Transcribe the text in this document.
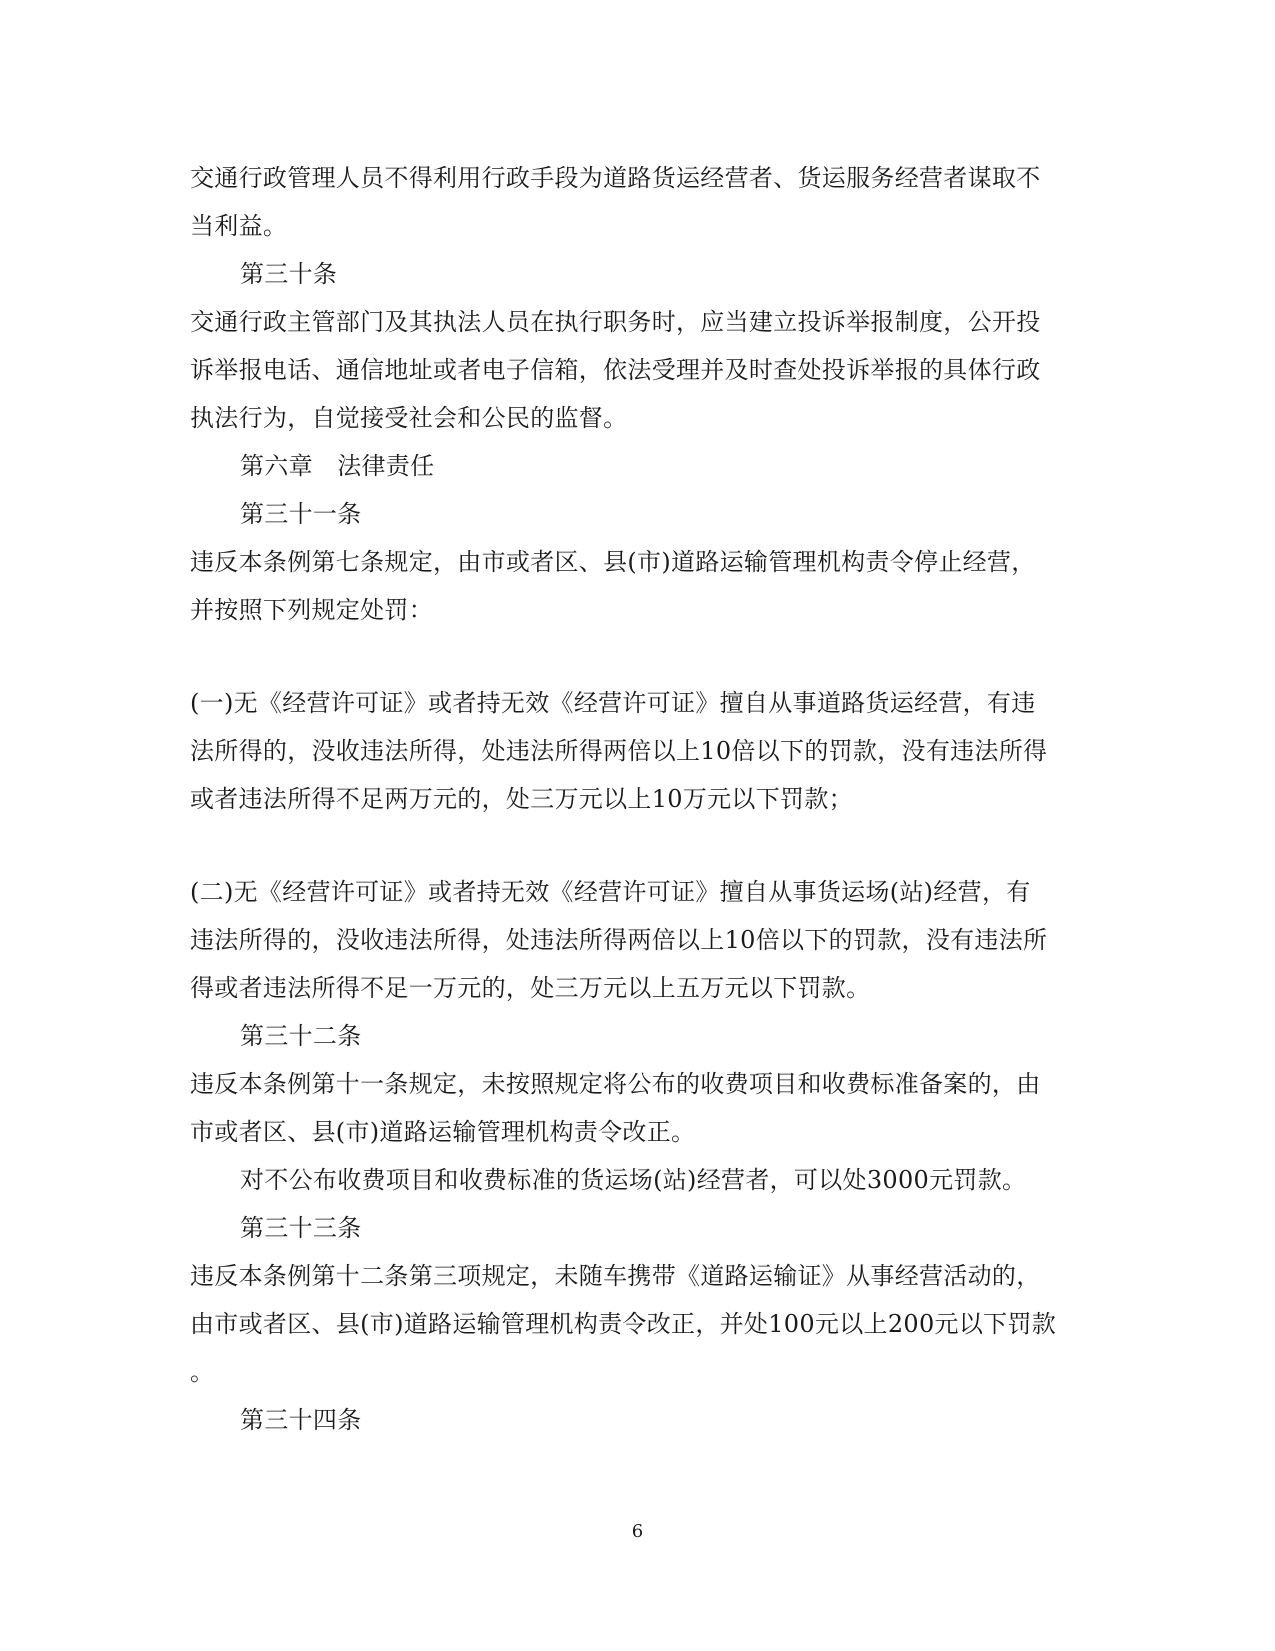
交通行政管理人员不得利用行政手段为道路货运经营者、货运服务经营者谋取不
当利益。
第三十条
交通行政主管部门及其执法人员在执行职务时，应当建立投诉举报制度，公开投
诉举报电话、通信地址或者电子信箱，依法受理并及时查处投诉举报的具体行政
执法行为，自觉接受社会和公民的监督。
第六章　法律责任
第三十一条
违反本条例第七条规定，由市或者区、县(市)道路运输管理机构责令停止经营，
并按照下列规定处罚：
(一)无《经营许可证》或者持无效《经营许可证》擅自从事道路货运经营，有违
法所得的，没收违法所得，处违法所得两倍以上10倍以下的罚款，没有违法所得
或者违法所得不足两万元的，处三万元以上10万元以下罚款；
(二)无《经营许可证》或者持无效《经营许可证》擅自从事货运场(站)经营，有
违法所得的，没收违法所得，处违法所得两倍以上10倍以下的罚款，没有违法所
得或者违法所得不足一万元的，处三万元以上五万元以下罚款。
第三十二条
违反本条例第十一条规定，未按照规定将公布的收费项目和收费标准备案的，由
市或者区、县(市)道路运输管理机构责令改正。
对不公布收费项目和收费标准的货运场(站)经营者，可以处3000元罚款。
第三十三条
违反本条例第十二条第三项规定，未随车携带《道路运输证》从事经营活动的，
由市或者区、县(市)道路运输管理机构责令改正，并处100元以上200元以下罚款
。
第三十四条
6
